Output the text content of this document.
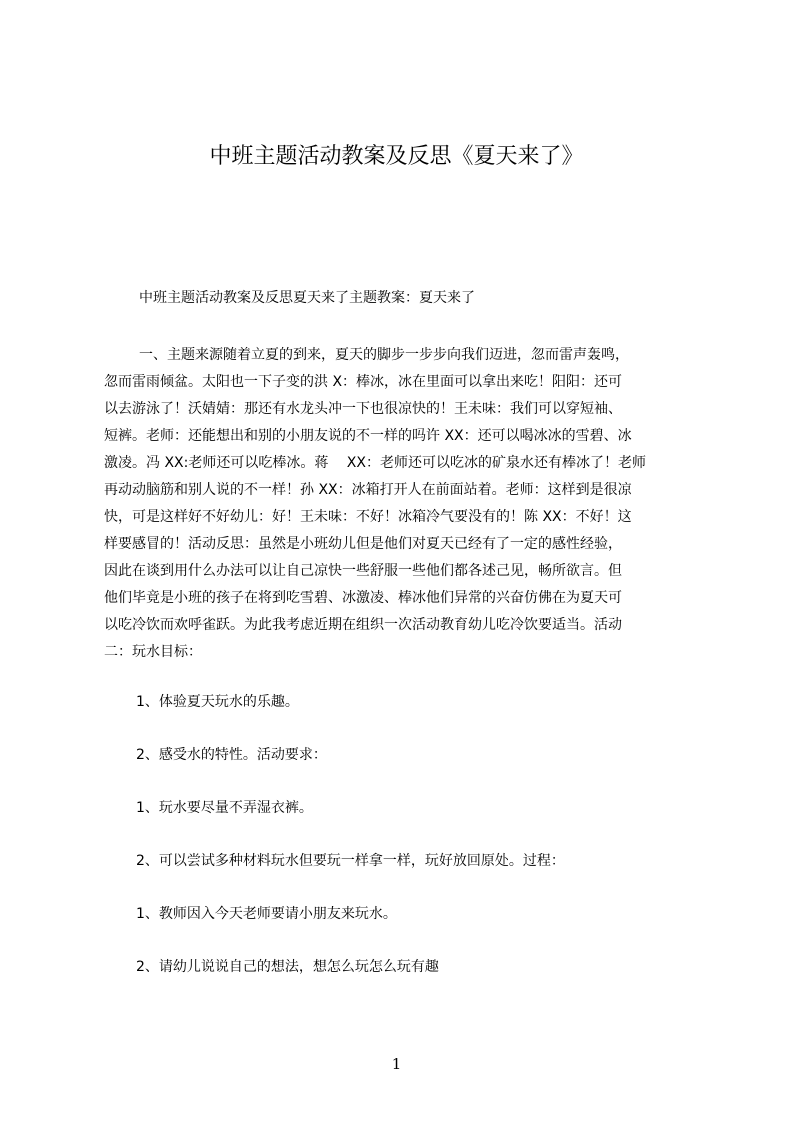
中班主题活动教案及反思《夏天来了》

中班主题活动教案及反思夏天来了主题教案：夏天来了

一、主题来源随着立夏的到来，夏天的脚步一步步向我们迈进，忽而雷声轰鸣，
忽而雷雨倾盆。太阳也一下子变的洪 X：棒冰，冰在里面可以拿出来吃！阳阳：还可
以去游泳了！沃婧婧：那还有水龙头冲一下也很凉快的！王未味：我们可以穿短袖、
短裤。老师：还能想出和别的小朋友说的不一样的吗许 XX：还可以喝冰冰的雪碧、冰
激凌。冯 XX:老师还可以吃棒冰。蒋　 XX：老师还可以吃冰的矿泉水还有棒冰了！老师
再动动脑筋和别人说的不一样！孙 XX：冰箱打开人在前面站着。老师：这样到是很凉
快，可是这样好不好幼儿：好！王未味：不好！冰箱冷气要没有的！陈 XX：不好！这
样要感冒的！活动反思：虽然是小班幼儿但是他们对夏天已经有了一定的感性经验，
因此在谈到用什么办法可以让自己凉快一些舒服一些他们都各述己见，畅所欲言。但
他们毕竟是小班的孩子在将到吃雪碧、冰激凌、棒冰他们异常的兴奋仿佛在为夏天可
以吃冷饮而欢呼雀跃。为此我考虑近期在组织一次活动教育幼儿吃冷饮要适当。活动
二：玩水目标：

1、体验夏天玩水的乐趣。

2、感受水的特性。活动要求：

1、玩水要尽量不弄湿衣裤。

2、可以尝试多种材料玩水但要玩一样拿一样，玩好放回原处。过程：

1、教师因入今天老师要请小朋友来玩水。

2、请幼儿说说自己的想法，想怎么玩怎么玩有趣

1
